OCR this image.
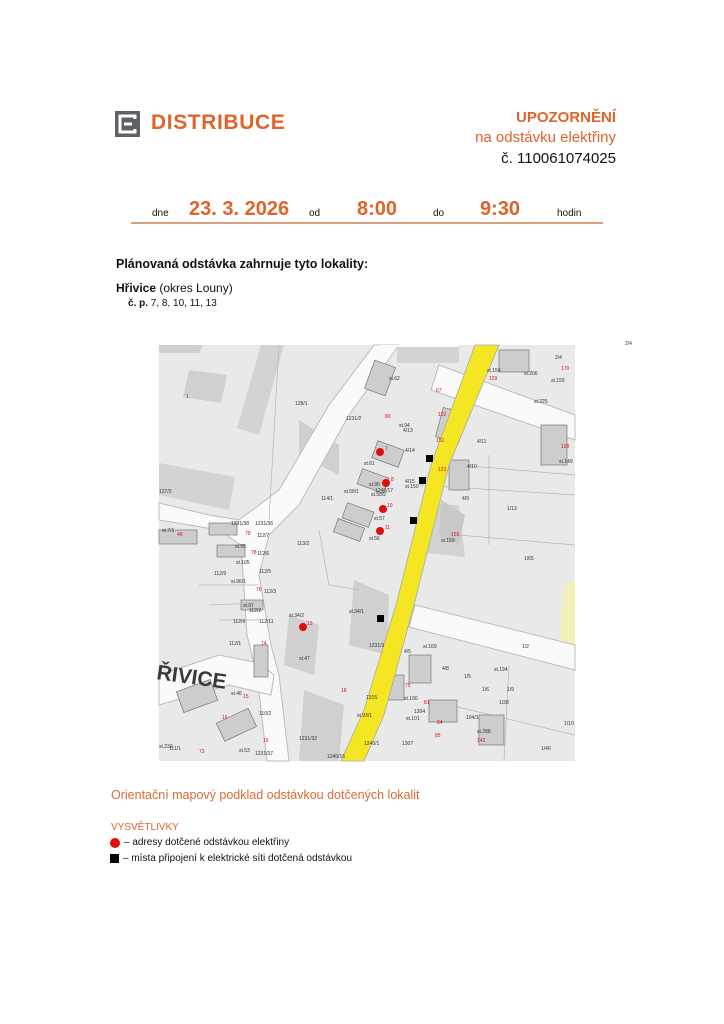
DISTRIBUCE	UPOZORNĚNÍ
na odstávku elektřiny
č. 110061074025
dne 23. 3. 2026 od 8:00	do 9:30	hodin
Plánovaná odstávka zahrnuje tyto lokality:
Hřivice (okres Louny)
č. p. 7, 8, 10, 11, 13
128/1
1231/2
127/3
114/1
113/2
1231/38 1231/36
112/7
112/6
112/5
112/9
112/3
112/2
112/4	112/11
112/1
110/2
111/1
1231/37
1231/32
1240/16
1240/17
1231/3
1315
1304
1307
1240/1
4/5
4/8
1/5
1/6
1/38
1/9
1/2
104/1
1/10
1/46
1/65
1/13
4/9
4/10
4/11
2/4
2/4
4/13
4/14
4/15
st.34/1
st.34/2
st.93/1
st.61
st.90
st.58/1 st.58/2
st.57
st.56
st.62
st.94
st.156	st.206
st.155
st.225
st.149
st.150
st.159
st.169
st.194
st.100
st.101
st.288
st.232
st.47
st.46
st.53
st.7/1
st.95
st.105
st.96/1
st.97
1
49	79
78
76
14
18
15
16
16
73
75
81
84
85
142
159
123
151
122
80
67
129
129
170
7
8
10
11
13
ŘIVICE
Orientační mapový podklad odstávkou dotčených lokalit
VYSVĚTLIVKY
– adresy dotčené odstávkou elektřiny
– místa připojení k elektrické síti dotčená odstávkou
